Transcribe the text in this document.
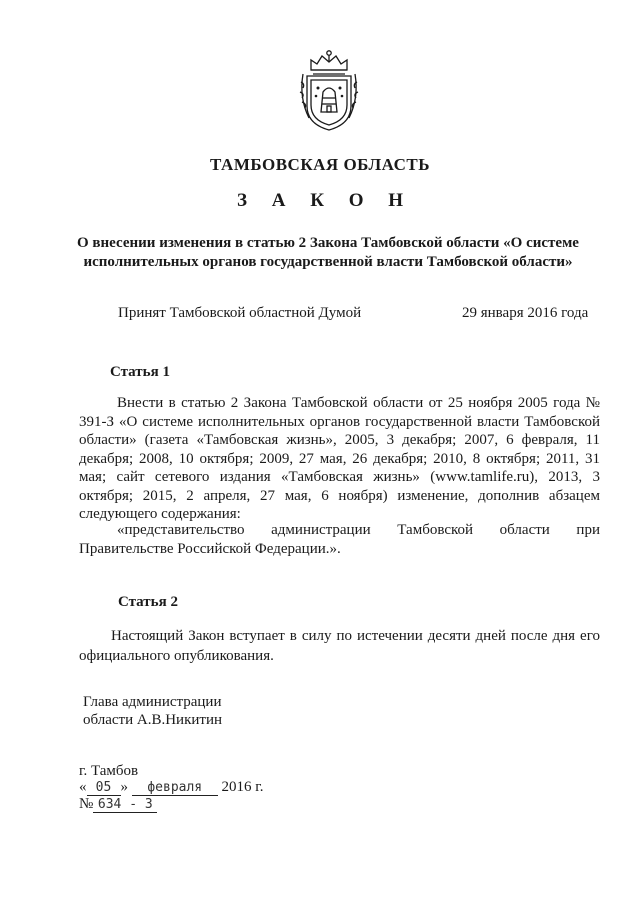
ТАМБОВСКАЯ ОБЛАСТЬ
З А К О Н
О внесении изменения в статью 2 Закона Тамбовской области «О системе
исполнительных органов государственной власти Тамбовской области»
Принят Тамбовской областной Думой	29 января 2016 года
Статья 1
Внести в статью 2 Закона Тамбовской области от 25 ноября 2005 года № 391-З «О системе исполнительных органов государственной власти Тамбовской области» (газета «Тамбовская жизнь», 2005, 3 декабря; 2007, 6 февраля, 11 декабря; 2008, 10 октября; 2009, 27 мая, 26 декабря; 2010, 8 октября; 2011, 31 мая; сайт сетевого издания «Тамбовская жизнь» (www.tamlife.ru), 2013, 3 октября; 2015, 2 апреля, 27 мая, 6 ноября) изменение, дополнив абзацем следующего содержания:
«представительство администрации Тамбовской области при
Правительстве Российской Федерации.».
Статья 2
Настоящий Закон вступает в силу по истечении десяти дней после дня его официального опубликования.
Глава администрации
области А.В.Никитин
г. Тамбов
« 05 » февраля 2016 г.
№ 634 - 3
